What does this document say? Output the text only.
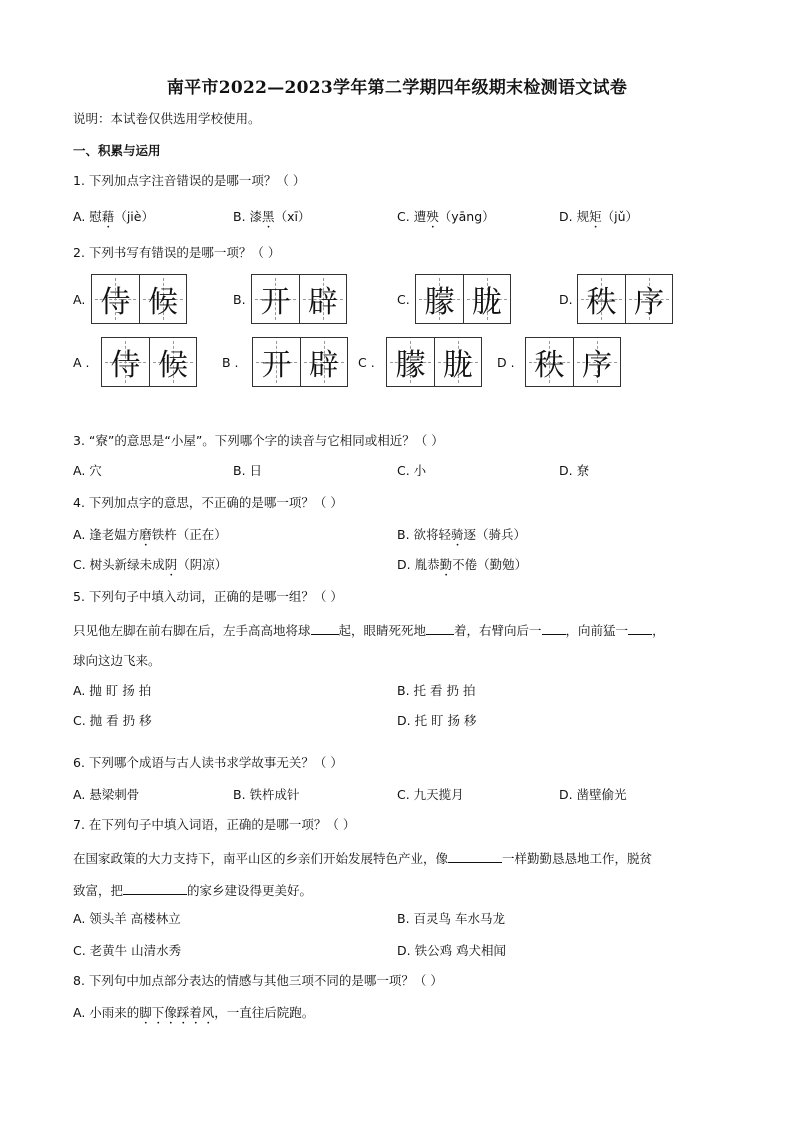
南平市2022—2023学年第二学期四年级期末检测语文试卷
说明：本试卷仅供选用学校使用。
一、积累与运用
1. 下列加点字注音错误的是哪一项？（ ）
A. 慰藉（jiè）	B. 漆黑（xī）	C. 遭殃（yāng）	D. 规矩（jǔ）
2. 下列书写有错误的是哪一项？（ ）
A. 侍 候	B. 开 辟	C. 朦 胧	D. 秩 序
A . 侍 候	B . 开 辟 C . 朦 胧 D . 秩 序
3. “寮”的意思是“小屋”。下列哪个字的读音与它相同或相近？（ ）
A. 穴	B. 日	C. 小	D. 尞
4. 下列加点字的意思，不正确的是哪一项？（ ）
A. 逢老媪方磨铁杵（正在）	B. 欲将轻骑逐（骑兵）
C. 树头新绿未成阴（阴凉）	D. 胤恭勤不倦（勤勉）
5. 下列句子中填入动词，正确的是哪一组？（ ）
只见他左脚在前右脚在后，左手高高地将球 起，眼睛死死地 着，右臂向后一 ，向前猛一 ，
球向这边飞来。
A. 抛 盯 扬 拍	B. 托 看 扔 拍
C. 抛 看 扔 移	D. 托 盯 扬 移
6. 下列哪个成语与古人读书求学故事无关？（ ）
A. 悬梁刺骨	B. 铁杵成针	C. 九天揽月	D. 凿壁偷光
7. 在下列句子中填入词语，正确的是哪一项？（ ）
在国家政策的大力支持下，南平山区的乡亲们开始发展特色产业，像	一样勤勤恳恳地工作，脱贫
致富，把	的家乡建设得更美好。
A. 领头羊 高楼林立	B. 百灵鸟 车水马龙
C. 老黄牛 山清水秀	D. 铁公鸡 鸡犬相闻
8. 下列句中加点部分表达的情感与其他三项不同的是哪一项？（ ）
A. 小雨来的脚下像踩着风，一直往后院跑。
